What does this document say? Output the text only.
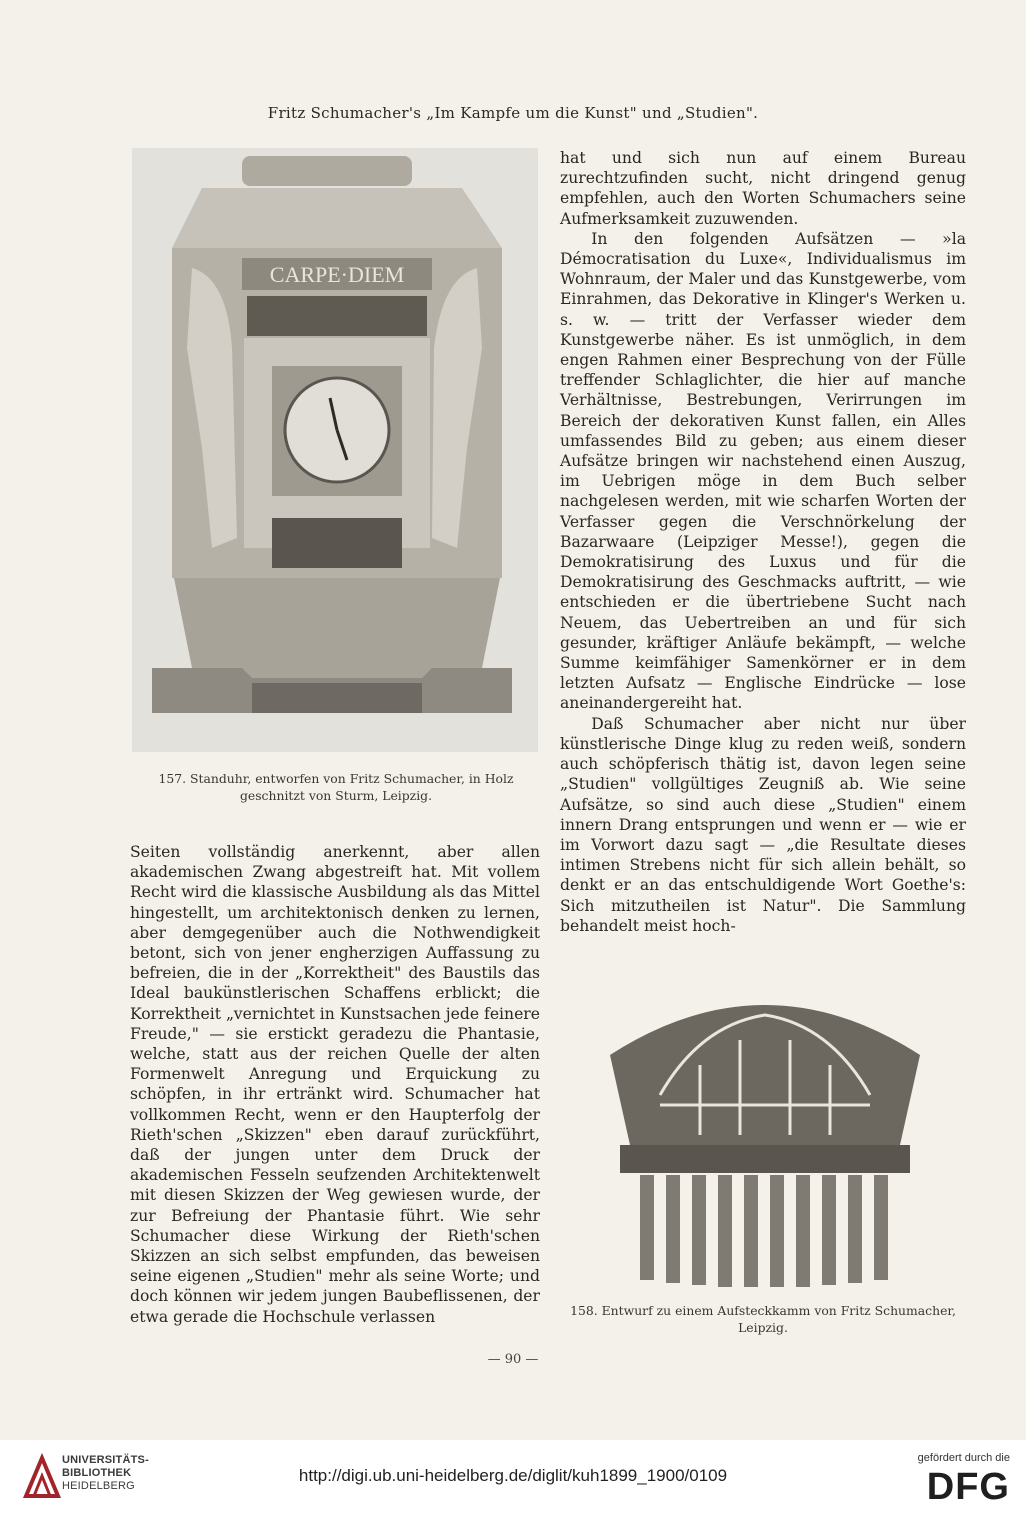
Fritz Schumacher's „Im Kampfe um die Kunst" und „Studien".
CARPE·DIEM
157. Standuhr, entworfen von Fritz Schumacher, in Holz
geschnitzt von Sturm, Leipzig.

Seiten vollständig anerkennt, aber allen akademischen Zwang abgestreift hat. Mit vollem Recht wird die klassische Ausbildung als das Mittel hingestellt, um architektonisch denken zu lernen, aber demgegenüber auch die Nothwendigkeit betont, sich von jener engherzigen Auffassung zu befreien, die in der „Korrektheit" des Baustils das Ideal baukünstlerischen Schaffens erblickt; die Korrektheit „vernichtet in Kunstsachen jede feinere Freude," — sie erstickt geradezu die Phantasie, welche, statt aus der reichen Quelle der alten Formenwelt Anregung und Erquickung zu schöpfen, in ihr ertränkt wird. Schumacher hat vollkommen Recht, wenn er den Haupterfolg der Rieth'schen „Skizzen" eben darauf zurückführt, daß der jungen unter dem Druck der akademischen Fesseln seufzenden Architektenwelt mit diesen Skizzen der Weg gewiesen wurde, der zur Befreiung der Phantasie führt. Wie sehr Schumacher diese Wirkung der Rieth'schen Skizzen an sich selbst empfunden, das beweisen seine eigenen „Studien" mehr als seine Worte; und doch können wir jedem jungen Baubeflissenen, der etwa gerade die Hochschule verlassen

hat und sich nun auf einem Bureau zurechtzufinden sucht, nicht dringend genug empfehlen, auch den Worten Schumachers seine Aufmerksamkeit zuzuwenden.

In den folgenden Aufsätzen — »la Démocratisation du Luxe«, Individualismus im Wohnraum, der Maler und das Kunstgewerbe, vom Einrahmen, das Dekorative in Klinger's Werken u. s. w. — tritt der Verfasser wieder dem Kunstgewerbe näher. Es ist unmöglich, in dem engen Rahmen einer Besprechung von der Fülle treffender Schlaglichter, die hier auf manche Verhältnisse, Bestrebungen, Verirrungen im Bereich der dekorativen Kunst fallen, ein Alles umfassendes Bild zu geben; aus einem dieser Aufsätze bringen wir nachstehend einen Auszug, im Uebrigen möge in dem Buch selber nachgelesen werden, mit wie scharfen Worten der Verfasser gegen die Verschnörkelung der Bazarwaare (Leipziger Messe!), gegen die Demokratisirung des Luxus und für die Demokratisirung des Geschmacks auftritt, — wie entschieden er die übertriebene Sucht nach Neuem, das Uebertreiben an und für sich gesunder, kräftiger Anläufe bekämpft, — welche Summe keimfähiger Samenkörner er in dem letzten Aufsatz — Englische Eindrücke — lose aneinandergereiht hat.

Daß Schumacher aber nicht nur über künstlerische Dinge klug zu reden weiß, sondern auch schöpferisch thätig ist, davon legen seine „Studien" vollgültiges Zeugniß ab. Wie seine Aufsätze, so sind auch diese „Studien" einem innern Drang entsprungen und wenn er — wie er im Vorwort dazu sagt — „die Resultate dieses intimen Strebens nicht für sich allein behält, so denkt er an das entschuldigende Wort Goethe's: Sich mitzutheilen ist Natur". Die Sammlung behandelt meist hoch-

158. Entwurf zu einem Aufsteckkamm von Fritz Schumacher,
Leipzig.
— 90 —
UNIVERSITÄTS-
BIBLIOTHEK
HEIDELBERG
http://digi.ub.uni-heidelberg.de/diglit/kuh1899_1900/0109
gefördert durch die
DFG
